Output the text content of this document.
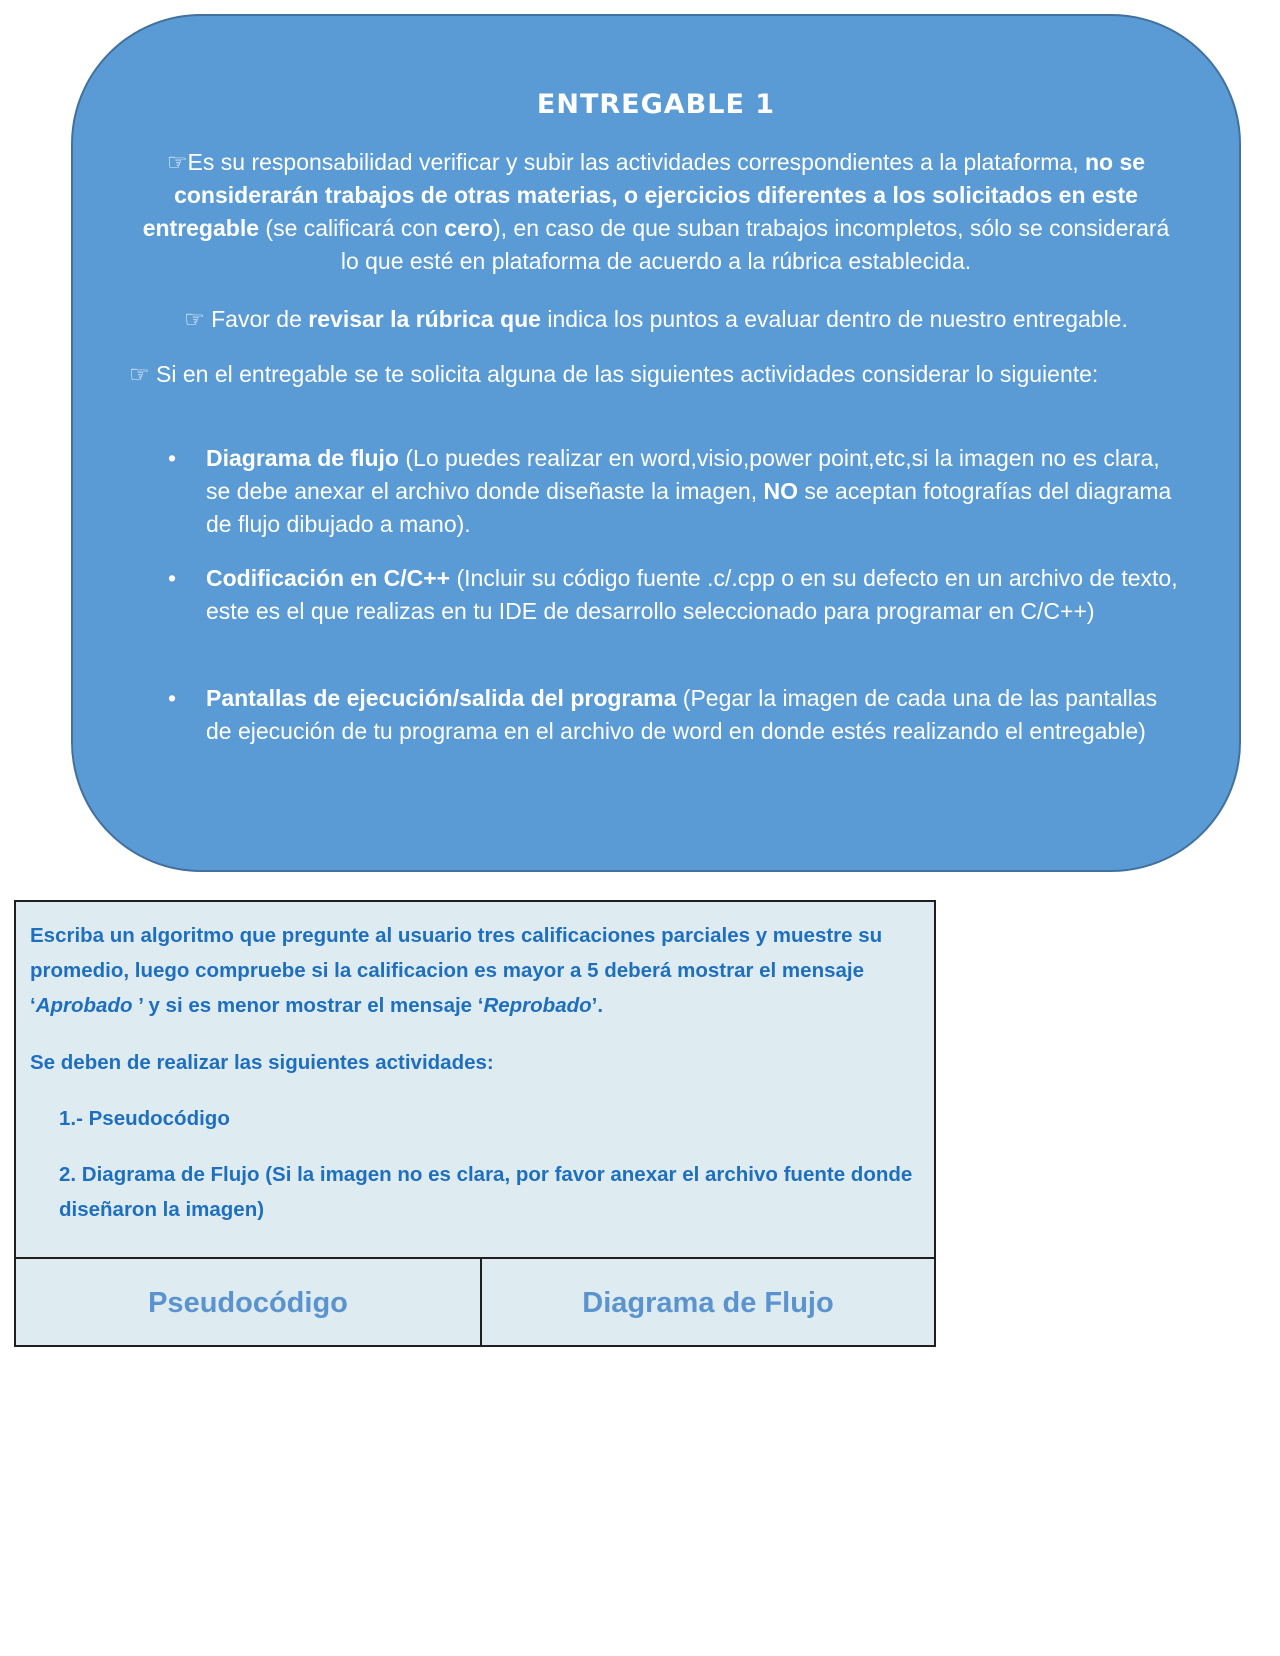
ENTREGABLE 1
☞Es su responsabilidad verificar y subir las actividades correspondientes a la plataforma, no se considerarán trabajos de otras materias, o ejercicios diferentes a los solicitados en este entregable (se calificará con cero), en caso de que suban trabajos incompletos, sólo se considerará lo que esté en plataforma de acuerdo a la rúbrica establecida.
☞ Favor de revisar la rúbrica que indica los puntos a evaluar dentro de nuestro entregable.
☞ Si en el entregable se te solicita alguna de las siguientes actividades considerar lo siguiente:
• Diagrama de flujo (Lo puedes realizar en word,visio,power point,etc,si la imagen no es clara, se debe anexar el archivo donde diseñaste la imagen, NO se aceptan fotografías del diagrama de flujo dibujado a mano).
• Codificación en C/C++ (Incluir su código fuente .c/.cpp o en su defecto en un archivo de texto, este es el que realizas en tu IDE de desarrollo seleccionado para programar en C/C++)
• Pantallas de ejecución/salida del programa (Pegar la imagen de cada una de las pantallas de ejecución de tu programa en el archivo de word en donde estés realizando el entregable)
Escriba un algoritmo que pregunte al usuario tres calificaciones parciales y muestre su promedio, luego compruebe si la calificacion es mayor a 5 deberá mostrar el mensaje ‘Aprobado ’ y si es menor mostrar el mensaje ‘Reprobado’.
Se deben de realizar las siguientes actividades:
1.- Pseudocódigo
2. Diagrama de Flujo (Si la imagen no es clara, por favor anexar el archivo fuente donde diseñaron la imagen)
Pseudocódigo	Diagrama de Flujo
